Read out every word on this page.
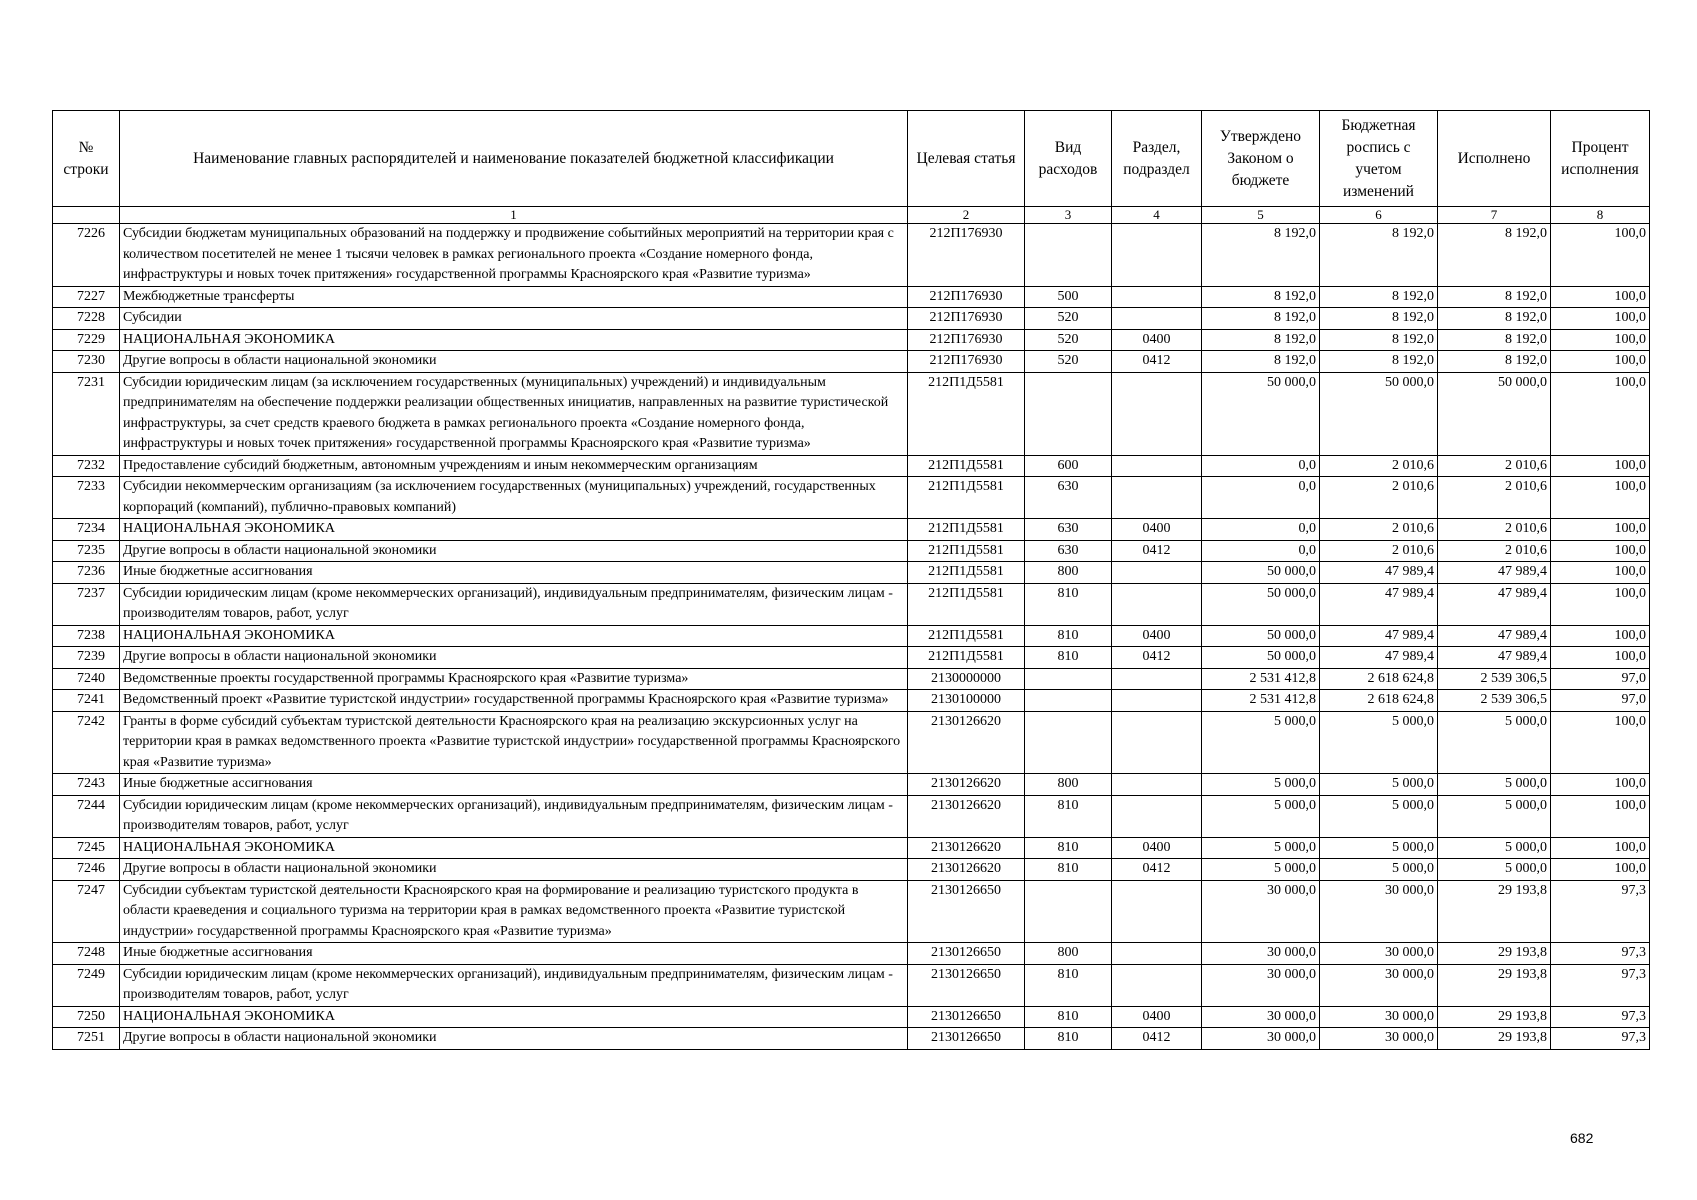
№ строки	Наименование главных распорядителей и наименование показателей бюджетной классификации	Целевая статья	Вид расходов	Раздел, подраздел	Утверждено Законом о бюджете	Бюджетная роспись с учетом изменений	Исполнено	Процент исполнения
	1	2	3	4	5	6	7	8
7226	Субсидии бюджетам муниципальных образований на поддержку и продвижение событийных мероприятий на территории края с количеством посетителей не менее 1 тысячи человек в рамках регионального проекта «Создание номерного фонда, инфраструктуры и новых точек притяжения» государственной программы Красноярского края «Развитие туризма»	212П176930			8 192,0	8 192,0	8 192,0	100,0
7227	Межбюджетные трансферты	212П176930	500		8 192,0	8 192,0	8 192,0	100,0
7228	Субсидии	212П176930	520		8 192,0	8 192,0	8 192,0	100,0
7229	НАЦИОНАЛЬНАЯ ЭКОНОМИКА	212П176930	520	0400	8 192,0	8 192,0	8 192,0	100,0
7230	Другие вопросы в области национальной экономики	212П176930	520	0412	8 192,0	8 192,0	8 192,0	100,0
7231	Субсидии юридическим лицам (за исключением государственных (муниципальных) учреждений) и индивидуальным предпринимателям на обеспечение поддержки реализации общественных инициатив, направленных на развитие туристической инфраструктуры, за счет средств краевого бюджета в рамках регионального проекта «Создание номерного фонда, инфраструктуры и новых точек притяжения» государственной программы Красноярского края «Развитие туризма»	212П1Д5581			50 000,0	50 000,0	50 000,0	100,0
7232	Предоставление субсидий бюджетным, автономным учреждениям и иным некоммерческим организациям	212П1Д5581	600		0,0	2 010,6	2 010,6	100,0
7233	Субсидии некоммерческим организациям (за исключением государственных (муниципальных) учреждений, государственных корпораций (компаний), публично-правовых компаний)	212П1Д5581	630		0,0	2 010,6	2 010,6	100,0
7234	НАЦИОНАЛЬНАЯ ЭКОНОМИКА	212П1Д5581	630	0400	0,0	2 010,6	2 010,6	100,0
7235	Другие вопросы в области национальной экономики	212П1Д5581	630	0412	0,0	2 010,6	2 010,6	100,0
7236	Иные бюджетные ассигнования	212П1Д5581	800		50 000,0	47 989,4	47 989,4	100,0
7237	Субсидии юридическим лицам (кроме некоммерческих организаций), индивидуальным предпринимателям, физическим лицам - производителям товаров, работ, услуг	212П1Д5581	810		50 000,0	47 989,4	47 989,4	100,0
7238	НАЦИОНАЛЬНАЯ ЭКОНОМИКА	212П1Д5581	810	0400	50 000,0	47 989,4	47 989,4	100,0
7239	Другие вопросы в области национальной экономики	212П1Д5581	810	0412	50 000,0	47 989,4	47 989,4	100,0
7240	Ведомственные проекты государственной программы Красноярского края «Развитие туризма»	2130000000			2 531 412,8	2 618 624,8	2 539 306,5	97,0
7241	Ведомственный проект «Развитие туристской индустрии» государственной программы Красноярского края «Развитие туризма»	2130100000			2 531 412,8	2 618 624,8	2 539 306,5	97,0
7242	Гранты в форме субсидий субъектам туристской деятельности Красноярского края на реализацию экскурсионных услуг на территории края в рамках ведомственного проекта «Развитие туристской индустрии» государственной программы Красноярского края «Развитие туризма»	2130126620			5 000,0	5 000,0	5 000,0	100,0
7243	Иные бюджетные ассигнования	2130126620	800		5 000,0	5 000,0	5 000,0	100,0
7244	Субсидии юридическим лицам (кроме некоммерческих организаций), индивидуальным предпринимателям, физическим лицам - производителям товаров, работ, услуг	2130126620	810		5 000,0	5 000,0	5 000,0	100,0
7245	НАЦИОНАЛЬНАЯ ЭКОНОМИКА	2130126620	810	0400	5 000,0	5 000,0	5 000,0	100,0
7246	Другие вопросы в области национальной экономики	2130126620	810	0412	5 000,0	5 000,0	5 000,0	100,0
7247	Субсидии субъектам туристской деятельности Красноярского края на формирование и реализацию туристского продукта в области краеведения и социального туризма на территории края в рамках ведомственного проекта «Развитие туристской индустрии» государственной программы Красноярского края «Развитие туризма»	2130126650			30 000,0	30 000,0	29 193,8	97,3
7248	Иные бюджетные ассигнования	2130126650	800		30 000,0	30 000,0	29 193,8	97,3
7249	Субсидии юридическим лицам (кроме некоммерческих организаций), индивидуальным предпринимателям, физическим лицам - производителям товаров, работ, услуг	2130126650	810		30 000,0	30 000,0	29 193,8	97,3
7250	НАЦИОНАЛЬНАЯ ЭКОНОМИКА	2130126650	810	0400	30 000,0	30 000,0	29 193,8	97,3
7251	Другие вопросы в области национальной экономики	2130126650	810	0412	30 000,0	30 000,0	29 193,8	97,3
682
